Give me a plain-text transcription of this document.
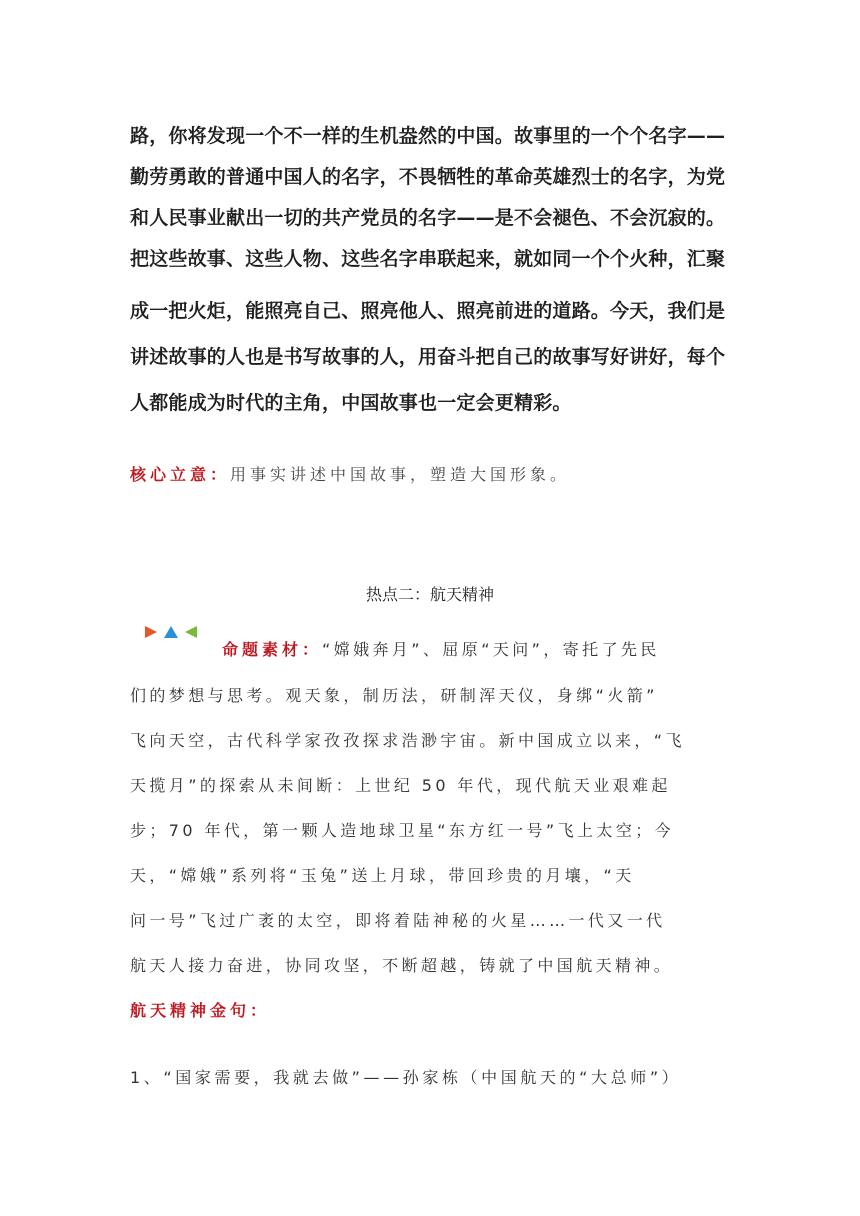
路，你将发现一个不一样的生机盎然的中国。故事里的一个个名字——
勤劳勇敢的普通中国人的名字，不畏牺牲的革命英雄烈士的名字，为党
和人民事业献出一切的共产党员的名字——是不会褪色、不会沉寂的。
把这些故事、这些人物、这些名字串联起来，就如同一个个火种，汇聚
成一把火炬，能照亮自己、照亮他人、照亮前进的道路。今天，我们是
讲述故事的人也是书写故事的人，用奋斗把自己的故事写好讲好，每个
人都能成为时代的主角，中国故事也一定会更精彩。
核心立意：用事实讲述中国故事，塑造大国形象。
热点二：航天精神
命题素材：“嫦娥奔月”、屈原“天问”，寄托了先民
们的梦想与思考。观天象，制历法，研制浑天仪，身绑“火箭”
飞向天空，古代科学家孜孜探求浩渺宇宙。新中国成立以来，“飞
天揽月”的探索从未间断：上世纪 50 年代，现代航天业艰难起
步；70 年代，第一颗人造地球卫星“东方红一号”飞上太空；今
天，“嫦娥”系列将“玉兔”送上月球，带回珍贵的月壤，“天
问一号”飞过广袤的太空，即将着陆神秘的火星……一代又一代
航天人接力奋进，协同攻坚，不断超越，铸就了中国航天精神。
航天精神金句：
1、“国家需要，我就去做”——孙家栋（中国航天的“大总师”）
